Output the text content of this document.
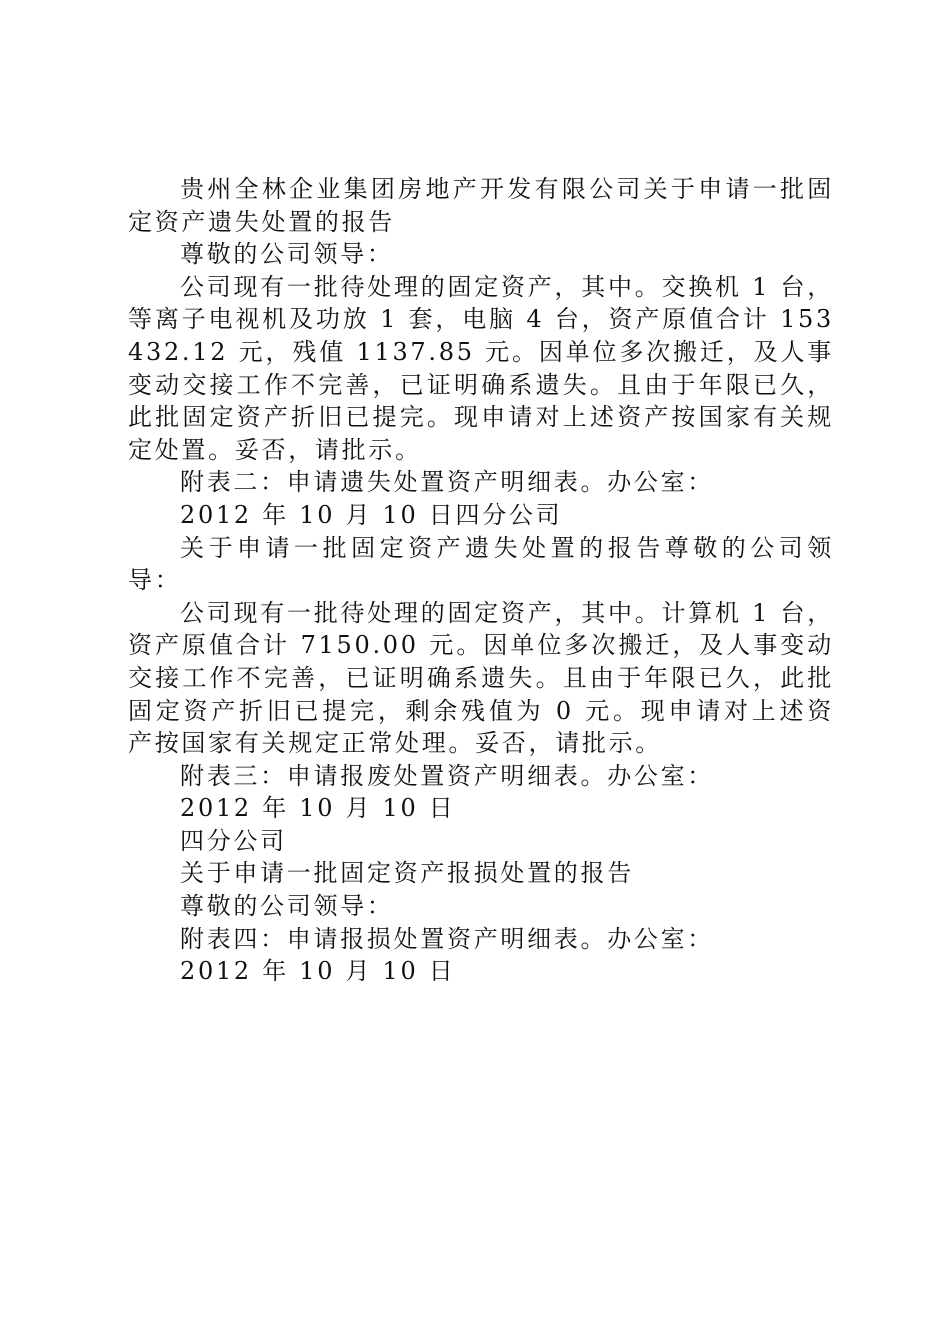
贵州全林企业集团房地产开发有限公司关于申请一批固定资产遗失处置的报告

尊敬的公司领导：

公司现有一批待处理的固定资产，其中。交换机 1 台，等离子电视机及功放 1 套，电脑 4 台，资产原值合计 153432.12 元，残值 1137.85 元。因单位多次搬迁，及人事变动交接工作不完善，已证明确系遗失。且由于年限已久，此批固定资产折旧已提完。现申请对上述资产按国家有关规定处置。妥否，请批示。

附表二：申请遗失处置资产明细表。办公室：

2012 年 10 月 10 日四分公司

关于申请一批固定资产遗失处置的报告尊敬的公司领导：

公司现有一批待处理的固定资产，其中。计算机 1 台，资产原值合计 7150.00 元。因单位多次搬迁，及人事变动交接工作不完善，已证明确系遗失。且由于年限已久，此批固定资产折旧已提完，剩余残值为 0 元。现申请对上述资产按国家有关规定正常处理。妥否，请批示。

附表三：申请报废处置资产明细表。办公室：

2012 年 10 月 10 日

四分公司

关于申请一批固定资产报损处置的报告

尊敬的公司领导：

附表四：申请报损处置资产明细表。办公室：

2012 年 10 月 10 日
